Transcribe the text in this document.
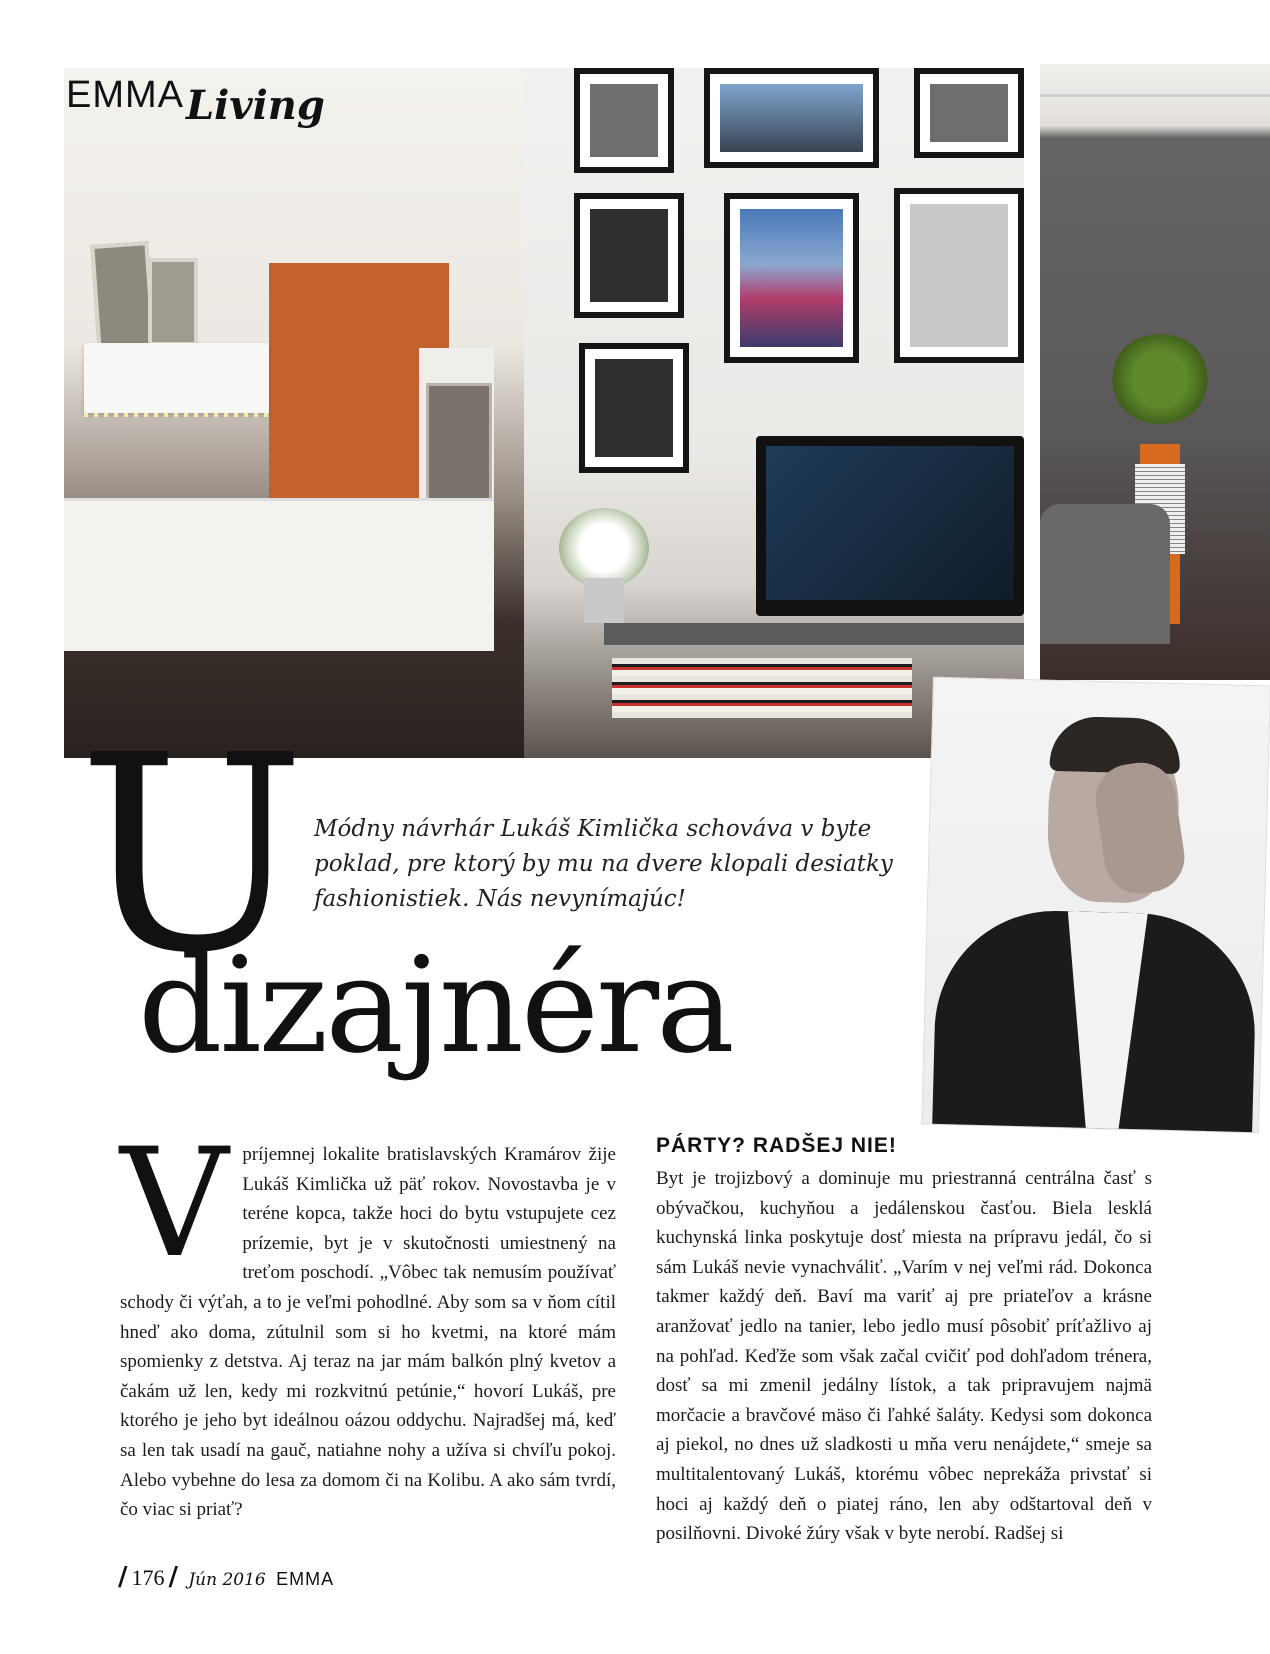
EMMA Living
U
dizajnéra
Módny návrhár Lukáš Kimlička schováva v byte poklad, pre ktorý by mu na dvere klopali desiatky fashionistiek. Nás nevynímajúc!
V príjemnej lokalite bratislavských Kramárov žije Lukáš Kimlička už päť rokov. Novostavba je v teréne kopca, takže hoci do bytu vstupujete cez prízemie, byt je v skutočnosti umiestnený na treťom poschodí. „Vôbec tak nemusím používať schody či výťah, a to je veľmi pohodlné. Aby som sa v ňom cítil hneď ako doma, zútulnil som si ho kvetmi, na ktoré mám spomienky z detstva. Aj teraz na jar mám balkón plný kvetov a čakám už len, kedy mi rozkvitnú petúnie,“ hovorí Lukáš, pre ktorého je jeho byt ideálnou oázou oddychu. Najradšej má, keď sa len tak usadí na gauč, natiahne nohy a užíva si chvíľu pokoj. Alebo vybehne do lesa za domom či na Kolibu. A ako sám tvrdí, čo viac si priať?
PÁRTY? RADŠEJ NIE!
Byt je trojizbový a dominuje mu priestranná centrálna časť s obývačkou, kuchyňou a jedálenskou časťou. Biela lesklá kuchynská linka poskytuje dosť miesta na prípravu jedál, čo si sám Lukáš nevie vynachváliť. „Varím v nej veľmi rád. Dokonca takmer každý deň. Baví ma variť aj pre priateľov a krásne aranžovať jedlo na tanier, lebo jedlo musí pôsobiť príťažlivo aj na pohľad. Keďže som však začal cvičiť pod dohľadom trénera, dosť sa mi zmenil jedálny lístok, a tak pripravujem najmä morčacie a bravčové mäso či ľahké šaláty. Kedysi som dokonca aj piekol, no dnes už sladkosti u mňa veru nenájdete,“ smeje sa multitalentovaný Lukáš, ktorému vôbec neprekáža privstať si hoci aj každý deň o piatej ráno, len aby odštartoval deň v posilňovni. Divoké žúry však v byte nerobí. Radšej si
/ 176 / Jún 2016 EMMA
